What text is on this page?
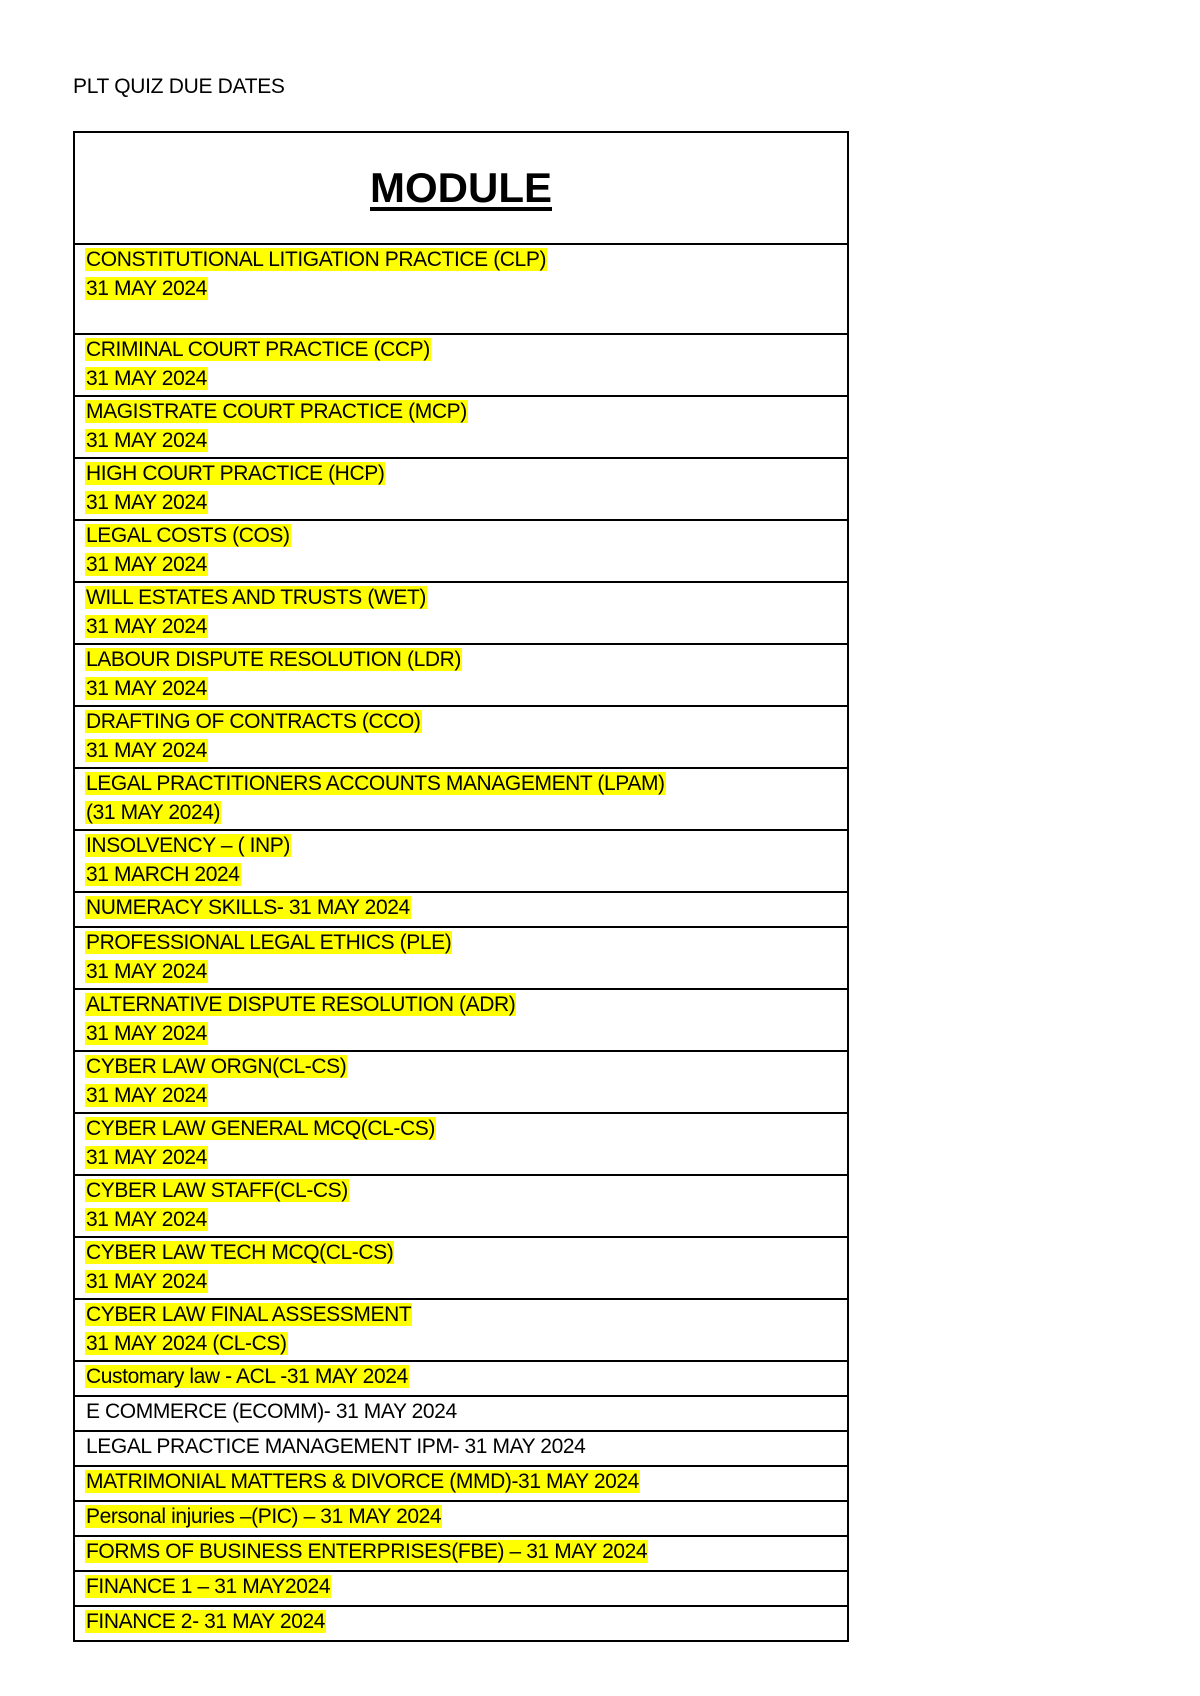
PLT QUIZ DUE DATES
MODULE

CONSTITUTIONAL LITIGATION PRACTICE (CLP)
31 MAY 2024

CRIMINAL COURT PRACTICE (CCP)
31 MAY 2024

MAGISTRATE COURT PRACTICE (MCP)
31 MAY 2024

HIGH COURT PRACTICE (HCP)
31 MAY 2024

LEGAL COSTS (COS)
31 MAY 2024

WILL ESTATES AND TRUSTS (WET)
31 MAY 2024

LABOUR DISPUTE RESOLUTION (LDR)
31 MAY 2024

DRAFTING OF CONTRACTS (CCO)
31 MAY 2024

LEGAL PRACTITIONERS ACCOUNTS MANAGEMENT (LPAM)
(31 MAY 2024)

INSOLVENCY – ( INP)
31 MARCH 2024

NUMERACY SKILLS- 31 MAY 2024

PROFESSIONAL LEGAL ETHICS (PLE)
31 MAY 2024

ALTERNATIVE DISPUTE RESOLUTION (ADR)
31 MAY 2024

CYBER LAW ORGN(CL-CS)
31 MAY 2024

CYBER LAW GENERAL MCQ(CL-CS)
31 MAY 2024

CYBER LAW STAFF(CL-CS)
31 MAY 2024

CYBER LAW TECH MCQ(CL-CS)
31 MAY 2024

CYBER LAW FINAL ASSESSMENT
31 MAY 2024 (CL-CS)

Customary law - ACL -31 MAY 2024

E COMMERCE (ECOMM)- 31 MAY 2024

LEGAL PRACTICE MANAGEMENT IPM- 31 MAY 2024

MATRIMONIAL MATTERS & DIVORCE (MMD)-31 MAY 2024

Personal injuries –(PIC) – 31 MAY 2024

FORMS OF BUSINESS ENTERPRISES(FBE) – 31 MAY 2024

FINANCE 1 – 31 MAY2024

FINANCE 2- 31 MAY 2024
